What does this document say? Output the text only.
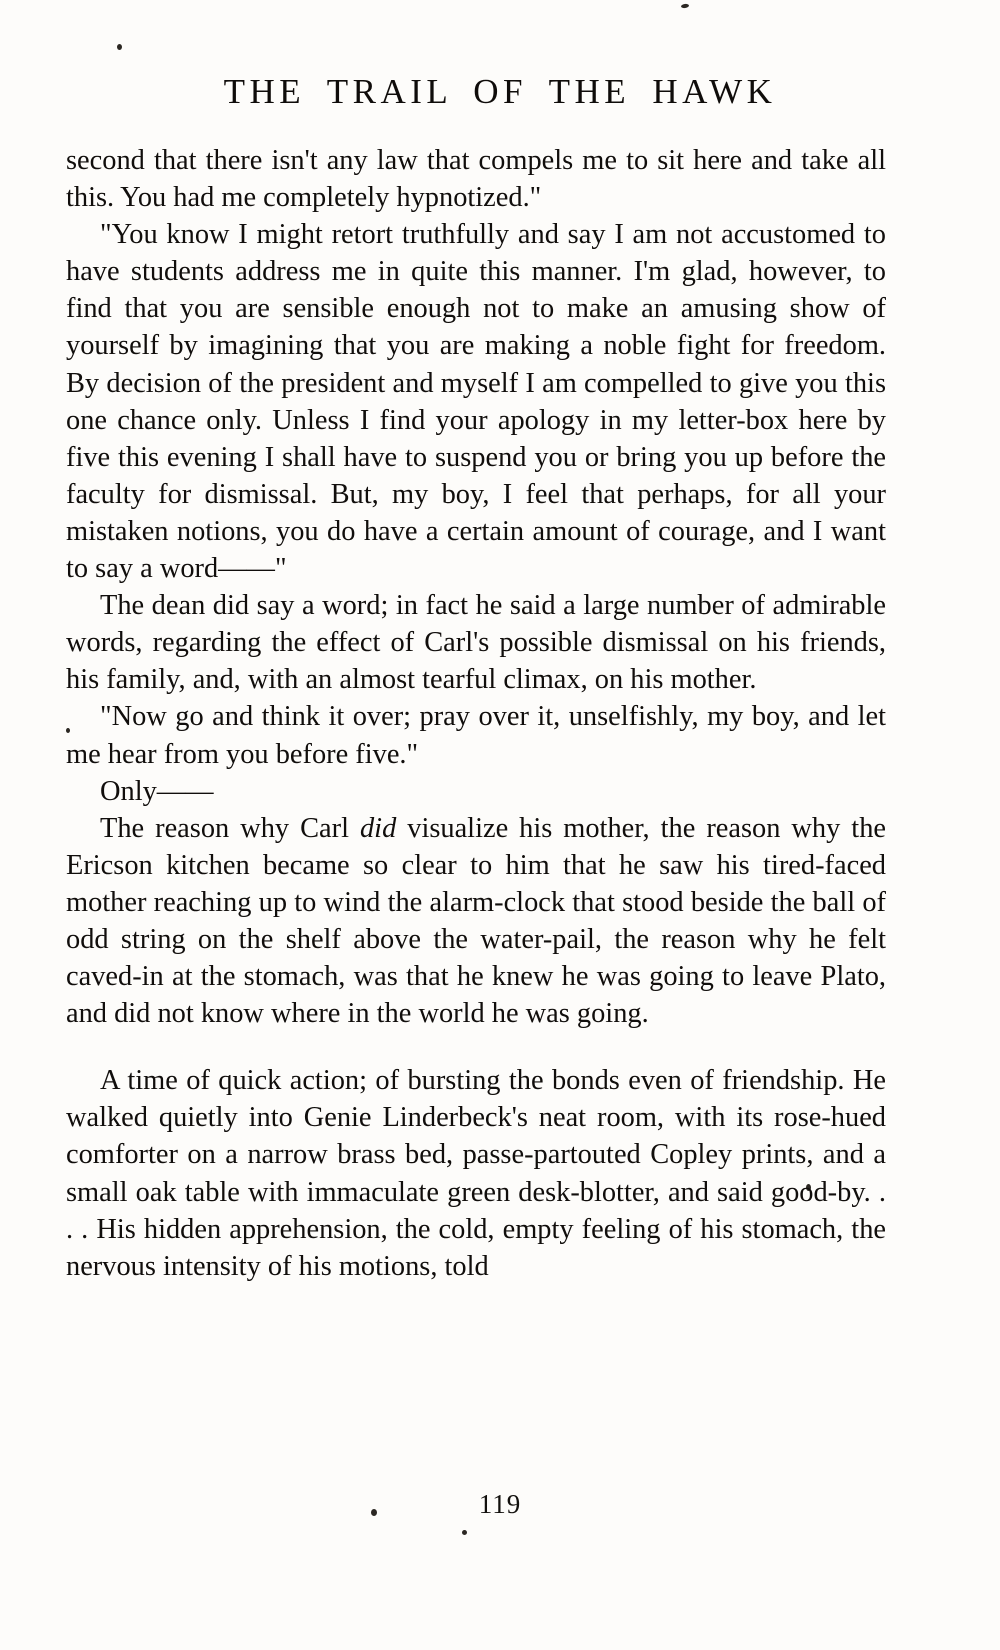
THE TRAIL OF THE HAWK

second that there isn't any law that compels me to sit here and take all this. You had me completely hypnotized."

"You know I might retort truthfully and say I am not accustomed to have students address me in quite this manner. I'm glad, however, to find that you are sensible enough not to make an amusing show of yourself by imagining that you are making a noble fight for freedom. By decision of the president and myself I am compelled to give you this one chance only. Unless I find your apology in my letter-box here by five this evening I shall have to suspend you or bring you up before the faculty for dismissal. But, my boy, I feel that perhaps, for all your mistaken notions, you do have a certain amount of courage, and I want to say a word——"

The dean did say a word; in fact he said a large number of admirable words, regarding the effect of Carl's possible dismissal on his friends, his family, and, with an almost tearful climax, on his mother.

"Now go and think it over; pray over it, unselfishly, my boy, and let me hear from you before five."

Only——

The reason why Carl did visualize his mother, the reason why the Ericson kitchen became so clear to him that he saw his tired-faced mother reaching up to wind the alarm-clock that stood beside the ball of odd string on the shelf above the water-pail, the reason why he felt caved-in at the stomach, was that he knew he was going to leave Plato, and did not know where in the world he was going.

A time of quick action; of bursting the bonds even of friendship. He walked quietly into Genie Linderbeck's neat room, with its rose-hued comforter on a narrow brass bed, passe-partouted Copley prints, and a small oak table with immaculate green desk-blotter, and said good-by. . . . His hidden apprehension, the cold, empty feeling of his stomach, the nervous intensity of his motions, told

119
